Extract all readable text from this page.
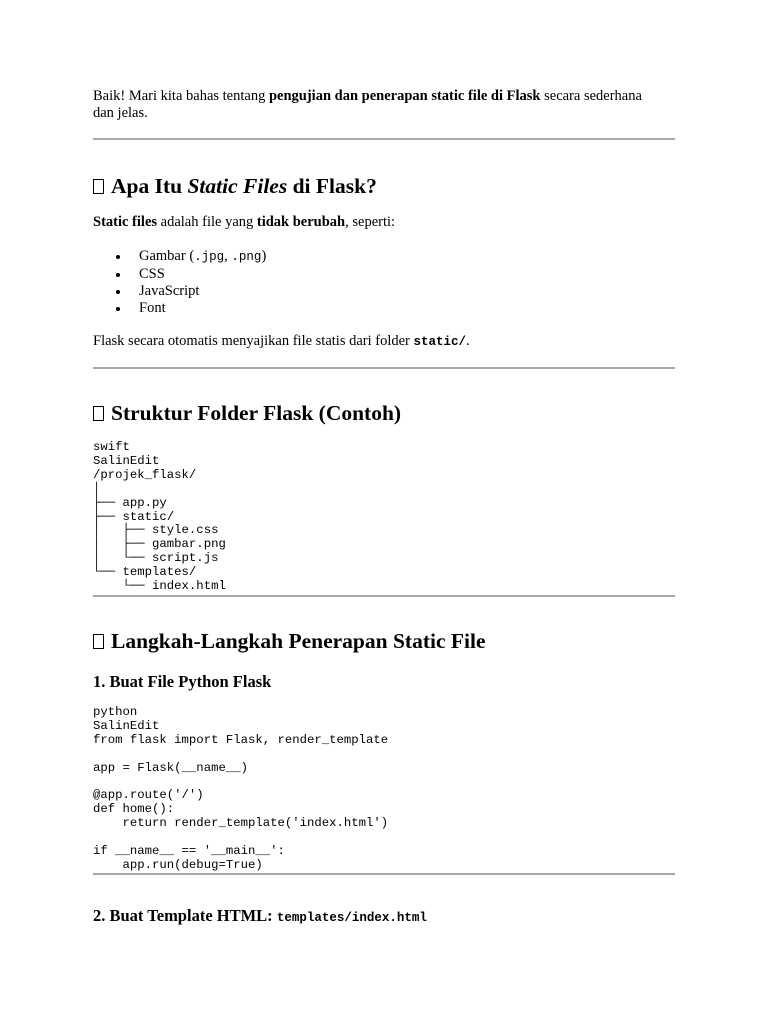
Baik! Mari kita bahas tentang pengujian dan penerapan static file di Flask secara sederhana dan jelas.

Apa Itu Static Files di Flask?

Static files adalah file yang tidak berubah, seperti:

Gambar (.jpg, .png)
CSS
JavaScript
Font

Flask secara otomatis menyajikan file statis dari folder static/.

Struktur Folder Flask (Contoh)
swift
SalinEdit
/projek_flask/
│
├── app.py
├── static/
│   ├── style.css
│   ├── gambar.png
│   └── script.js
└── templates/
└── index.html
Langkah-Langkah Penerapan Static File
1. Buat File Python Flask
python
SalinEdit
from flask import Flask, render_template
app = Flask(__name__)
@app.route('/')
def home():
return render_template('index.html')
if __name__ == '__main__':
app.run(debug=True)
2. Buat Template HTML: templates/index.html
